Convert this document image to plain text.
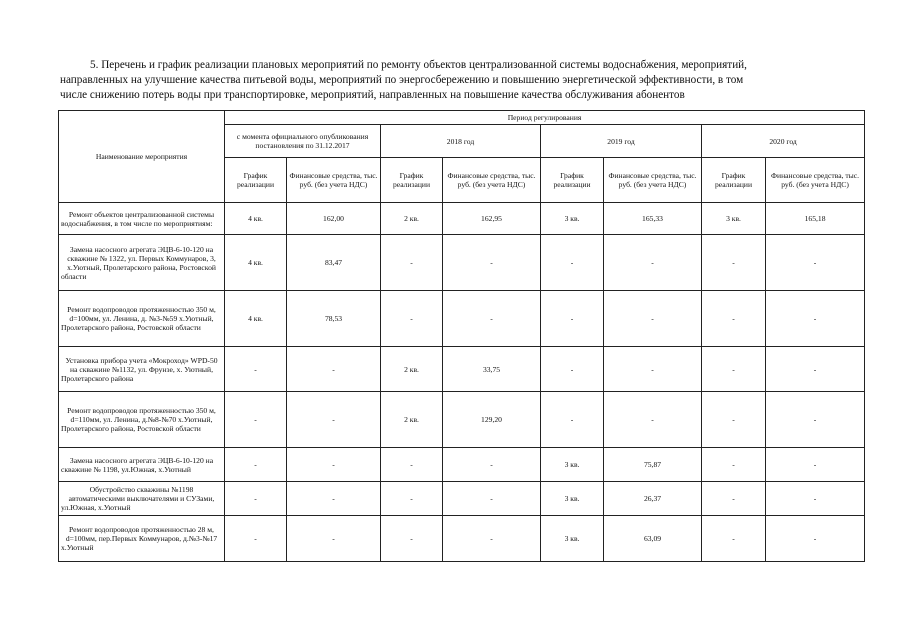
5. Перечень и график реализации плановых мероприятий по ремонту объектов централизованной системы водоснабжения, мероприятий,
направленных на улучшение качества питьевой воды, мероприятий по энергосбережению и повышению энергетической эффективности, в том
числе снижению потерь воды при транспортировке, мероприятий, направленных на повышение качества обслуживания абонентов
Наименование мероприятия	Период регулирования							
	с момента официального опубликования постановления по 31.12.2017		2018 год		2019 год		2020 год	
	График реализации	Финансовые средства, тыс. руб. (без учета НДС)	График реализации	Финансовые средства, тыс. руб. (без учета НДС)	График реализации	Финансовые средства, тыс. руб. (без учета НДС)	График реализации	Финансовые средства, тыс. руб. (без учета НДС)
Ремонт объектов централизованной системы водоснабжения, в том числе по мероприятиям:	4 кв.	162,00	2 кв.	162,95	3 кв.	165,33	3 кв.	165,18
Замена насосного агрегата ЭЦВ-6-10-120 на скважине № 1322, ул. Первых Коммунаров, 3, х.Уютный, Пролетарского района, Ростовской области	4 кв.	83,47	-	-	-	-	-	-
Ремонт водопроводов протяженностью 350 м, d=100мм, ул. Ленина, д. №3-№59 х.Уютный, Пролетарского района, Ростовской области	4 кв.	78,53	-	-	-	-	-	-
Установка прибора учета «Мокроход» WPD-50 на скважине №1132, ул. Фрунзе, х. Уютный, Пролетарского района	-	-	2 кв.	33,75	-	-	-	-
Ремонт водопроводов протяженностью 350 м, d=110мм, ул. Ленина, д.№8-№70 х.Уютный, Пролетарского района, Ростовской области	-	-	2 кв.	129,20	-	-	-	-
Замена насосного агрегата ЭЦВ-6-10-120 на скважине № 1198, ул.Южная, х.Уютный	-	-	-	-	3 кв.	75,87	-	-
Обустройство скважины №1198 автоматическими выключателями и СУЗами, ул.Южная, х.Уютный	-	-	-	-	3 кв.	26,37	-	-
Ремонт водопроводов протяженностью 28 м, d=100мм, пер.Первых Коммунаров, д.№3-№17 х.Уютный	-	-	-	-	3 кв.	63,09	-	-
